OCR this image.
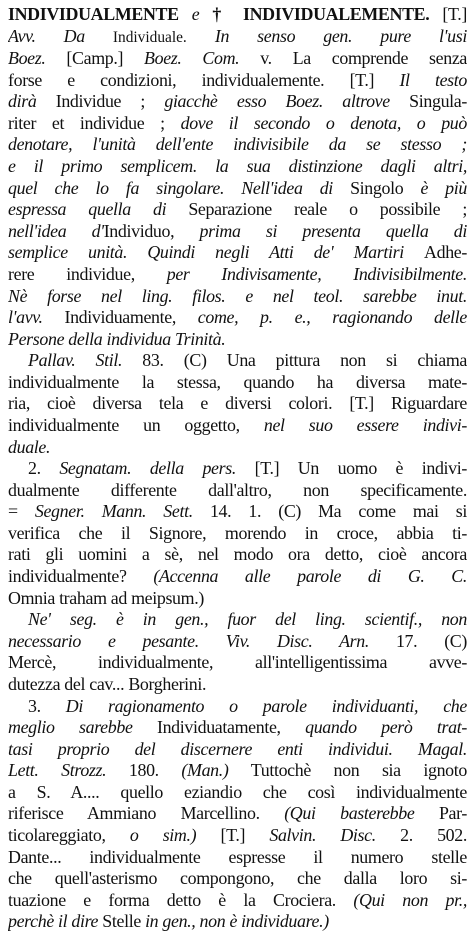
INDIVIDUALMENTE e † INDIVIDUALEMENTE. [T.]
Avv. Da Individuale. In senso gen. pure l'usi
Boez. [Camp.] Boez. Com. v. La comprende senza
forse e condizioni, individualemente. [T.] Il testo
dirà Individue ; giacchè esso Boez. altrove Singula-
riter et individue ; dove il secondo o denota, o può
denotare, l'unità dell'ente indivisibile da se stesso ;
e il primo semplicem. la sua distinzione dagli altri,
quel che lo fa singolare. Nell'idea di Singolo è più
espressa quella di Separazione reale o possibile ;
nell'idea d'Individuo, prima si presenta quella di
semplice unità. Quindi negli Atti de' Martiri Adhe-
rere individue, per Indivisamente, Indivisibilmente.
Nè forse nel ling. filos. e nel teol. sarebbe inut.
l'avv. Individuamente, come, p. e., ragionando delle
Persone della individua Trinità.
Pallav. Stil. 83. (C) Una pittura non si chiama
individualmente la stessa, quando ha diversa mate-
ria, cioè diversa tela e diversi colori. [T.] Riguardare
individualmente un oggetto, nel suo essere indivi-
duale.
2. Segnatam. della pers. [T.] Un uomo è indivi-
dualmente differente dall'altro, non specificamente.
= Segner. Mann. Sett. 14. 1. (C) Ma come mai si
verifica che il Signore, morendo in croce, abbia ti-
rati gli uomini a sè, nel modo ora detto, cioè ancora
individualmente? (Accenna alle parole di G. C.
Omnia traham ad meipsum.)
Ne' seg. è in gen., fuor del ling. scientif., non
necessario e pesante. Viv. Disc. Arn. 17. (C)
Mercè, individualmente, all'intelligentissima avve-
dutezza del cav... Borgherini.
3. Di ragionamento o parole individuanti, che
meglio sarebbe Individuatamente, quando però trat-
tasi proprio del discernere enti individui. Magal.
Lett. Strozz. 180. (Man.) Tuttochè non sia ignoto
a S. A.... quello eziandio che così individualmente
riferisce Ammiano Marcellino. (Qui basterebbe Par-
ticolareggiato, o sim.) [T.] Salvin. Disc. 2. 502.
Dante... individualmente espresse il numero stelle
che quell'asterismo compongono, che dalla loro si-
tuazione e forma detto è la Crociera. (Qui non pr.,
perchè il dire Stelle in gen., non è individuare.)
